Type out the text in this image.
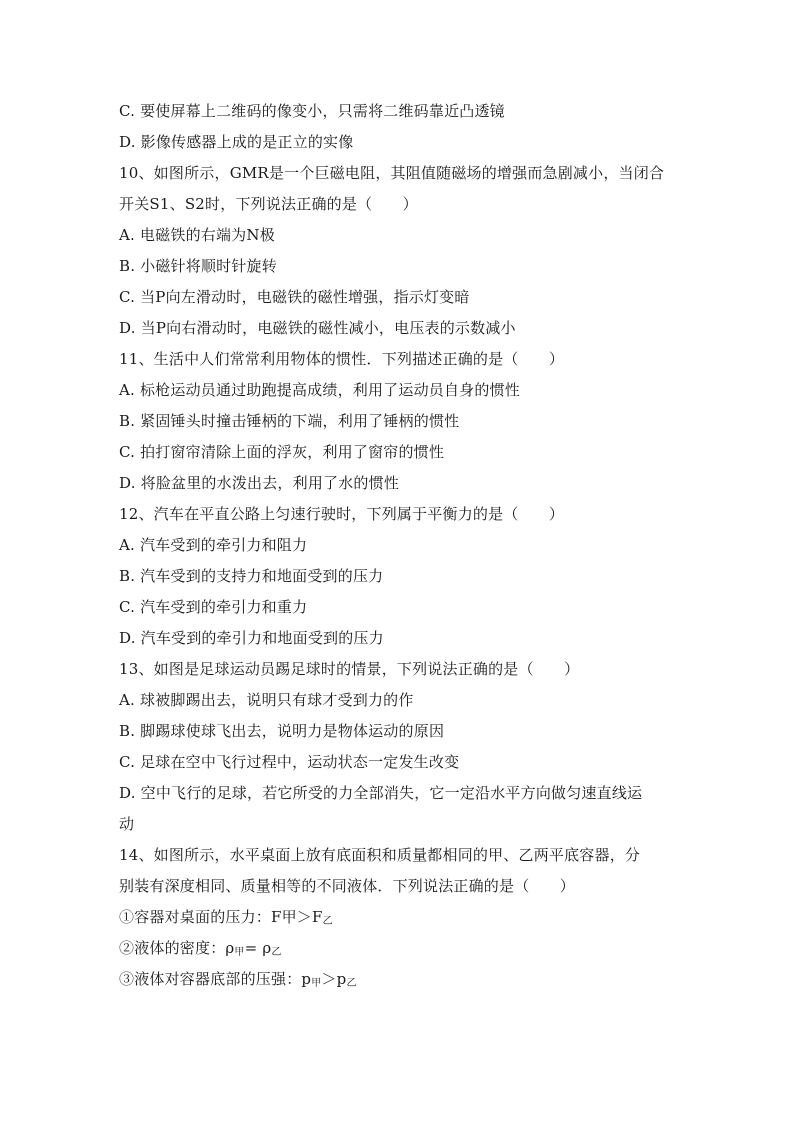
C. 要使屏幕上二维码的像变小，只需将二维码靠近凸透镜
D. 影像传感器上成的是正立的实像
10、如图所示，GMR是一个巨磁电阻，其阻值随磁场的增强而急剧减小，当闭合
开关S1、S2时，下列说法正确的是（　　）
A. 电磁铁的右端为N极
B. 小磁针将顺时针旋转
C. 当P向左滑动时，电磁铁的磁性增强，指示灯变暗
D. 当P向右滑动时，电磁铁的磁性减小，电压表的示数减小
11、生活中人们常常利用物体的惯性．下列描述正确的是（　　）
A. 标枪运动员通过助跑提高成绩，利用了运动员自身的惯性
B. 紧固锤头时撞击锤柄的下端，利用了锤柄的惯性
C. 拍打窗帘清除上面的浮灰，利用了窗帘的惯性
D. 将脸盆里的水泼出去，利用了水的惯性
12、汽车在平直公路上匀速行驶时，下列属于平衡力的是（　　）
A. 汽车受到的牵引力和阻力
B. 汽车受到的支持力和地面受到的压力
C. 汽车受到的牵引力和重力
D. 汽车受到的牵引力和地面受到的压力
13、如图是足球运动员踢足球时的情景，下列说法正确的是（　　）
A. 球被脚踢出去，说明只有球才受到力的作
B. 脚踢球使球飞出去，说明力是物体运动的原因
C. 足球在空中飞行过程中，运动状态一定发生改变
D. 空中飞行的足球，若它所受的力全部消失，它一定沿水平方向做匀速直线运
动
14、如图所示，水平桌面上放有底面积和质量都相同的甲、乙两平底容器，分
别装有深度相同、质量相等的不同液体．下列说法正确的是（　　）
①容器对桌面的压力：F甲$>F_乙$
②液体的密度：$\rho_甲= \rho_乙$
③液体对容器底部的压强：$p_甲>p_乙$
